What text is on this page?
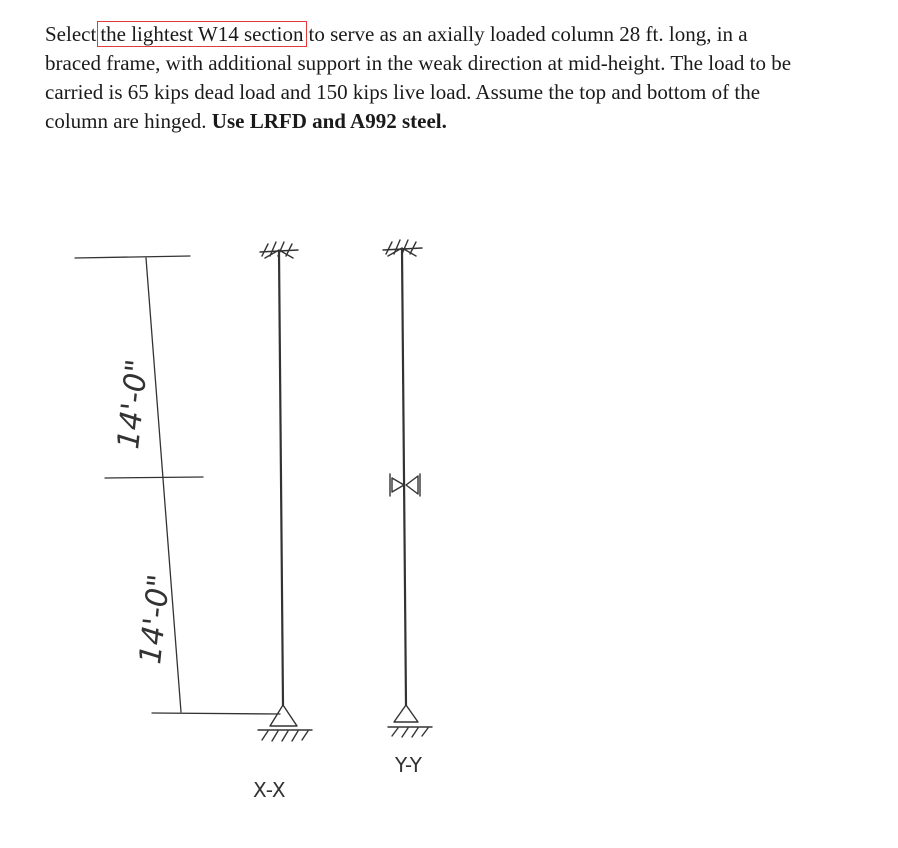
Select the lightest W14 section to serve as an axially loaded column 28 ft. long, in a
braced frame, with additional support in the weak direction at mid-height. The load to be
carried is 65 kips dead load and 150 kips live load. Assume the top and bottom of the
column are hinged. Use LRFD and A992 steel.

14'-0"
14'-0"
X-X
Y-Y
